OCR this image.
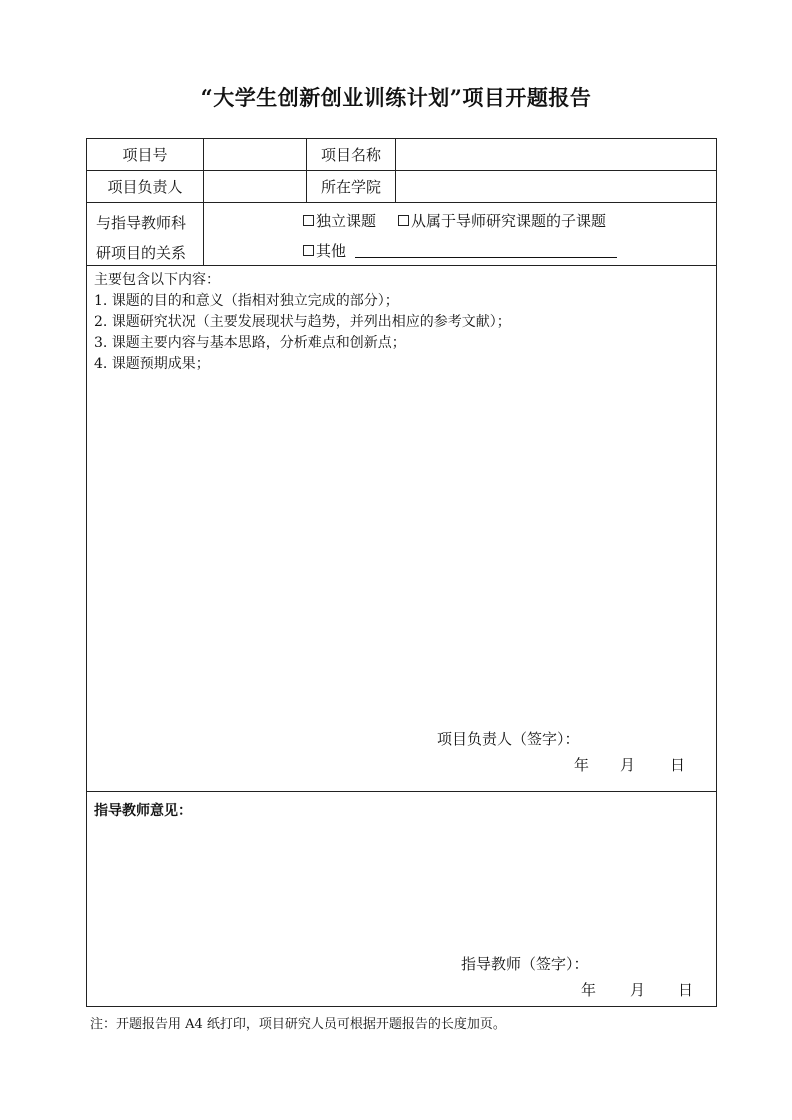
“大学生创新创业训练计划”项目开题报告
项目号	项目名称
项目负责人	所在学院
与指导教师科
研项目的关系
独立课题 从属于导师研究课题的子课题
其他
主要包含以下内容：
1. 课题的目的和意义（指相对独立完成的部分）；
2. 课题研究状况（主要发展现状与趋势，并列出相应的参考文献）；
3. 课题主要内容与基本思路，分析难点和创新点；
4. 课题预期成果；
项目负责人（签字）：
年 月 日
指导教师意见：
指导教师（签字）：
年 月 日
注：开题报告用 A4 纸打印，项目研究人员可根据开题报告的长度加页。
